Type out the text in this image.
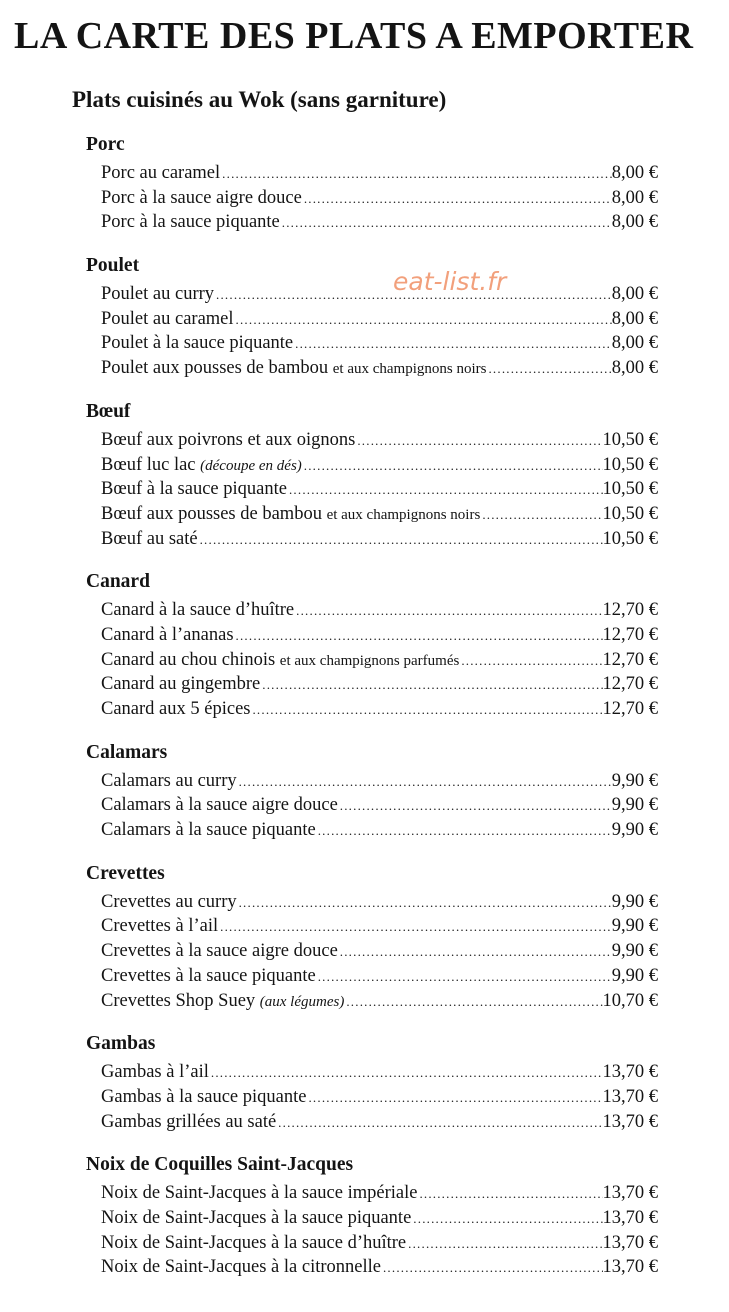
LA CARTE DES PLATS A EMPORTER
Plats cuisinés au Wok (sans garniture)
eat-list.fr
Porc
Porc au caramel .....	8,00 €
Porc à la sauce aigre douce .....	8,00 €
Porc à la sauce piquante .....	8,00 €
Poulet
Poulet au curry .....	8,00 €
Poulet au caramel .....	8,00 €
Poulet à la sauce piquante .....	8,00 €
Poulet aux pousses de bambou et aux champignons noirs .....	8,00 €
Bœuf
Bœuf aux poivrons et aux oignons .....	10,50 €
Bœuf luc lac (découpe en dés) .....	10,50 €
Bœuf à la sauce piquante .....	10,50 €
Bœuf aux pousses de bambou et aux champignons noirs .....	10,50 €
Bœuf au saté .....	10,50 €
Canard
Canard à la sauce d’huître .....	12,70 €
Canard à l’ananas .....	12,70 €
Canard au chou chinois et aux champignons parfumés .....	12,70 €
Canard au gingembre .....	12,70 €
Canard aux 5 épices .....	12,70 €
Calamars
Calamars au curry .....	9,90 €
Calamars à la sauce aigre douce .....	9,90 €
Calamars à la sauce piquante .....	9,90 €
Crevettes
Crevettes au curry .....	9,90 €
Crevettes à l’ail .....	9,90 €
Crevettes à la sauce aigre douce .....	9,90 €
Crevettes à la sauce piquante .....	9,90 €
Crevettes Shop Suey (aux légumes) .....	10,70 €
Gambas
Gambas à l’ail .....	13,70 €
Gambas à la sauce piquante .....	13,70 €
Gambas grillées au saté .....	13,70 €
Noix de Coquilles Saint-Jacques
Noix de Saint-Jacques à la sauce impériale .....	13,70 €
Noix de Saint-Jacques à la sauce piquante .....	13,70 €
Noix de Saint-Jacques à la sauce d’huître .....	13,70 €
Noix de Saint-Jacques à la citronnelle .....	13,70 €
